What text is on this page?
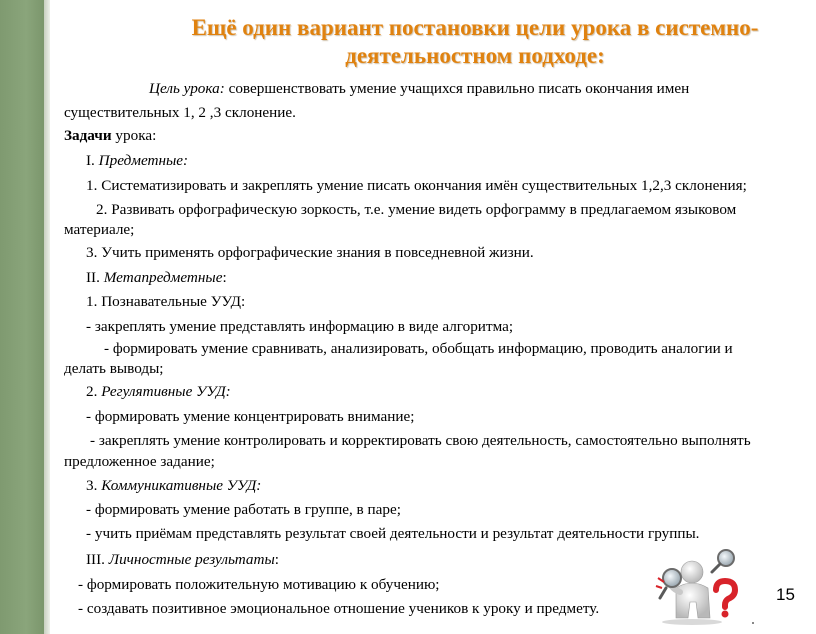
Ещё один вариант постановки цели урока в системно-
деятельностном подходе:
Цель урока: совершенствовать умение учащихся правильно писать окончания имен
существительных 1, 2 ,3 склонение.
Задачи урока:
I. Предметные:
1. Систематизировать и закреплять умение писать окончания имён существительных 1,2,3 склонения;
2. Развивать орфографическую зоркость, т.е. умение видеть орфограмму в предлагаемом языковом
материале;
3. Учить применять орфографические знания в повседневной жизни.
II. Метапредметные:
1. Познавательные УУД:
- закреплять умение представлять информацию в виде алгоритма;
- формировать умение сравнивать, анализировать, обобщать информацию, проводить аналогии и
делать выводы;
2. Регулятивные УУД:
- формировать умение концентрировать внимание;
- закреплять умение контролировать и корректировать свою деятельность, самостоятельно выполнять
предложенное задание;
3. Коммуникативные УУД:
- формировать умение работать в группе, в паре;
- учить приёмам представлять результат своей деятельности и результат деятельности группы.
III. Личностные результаты:
- формировать положительную мотивацию к обучению;
- создавать позитивное эмоциональное отношение учеников к уроку и предмету.
15
